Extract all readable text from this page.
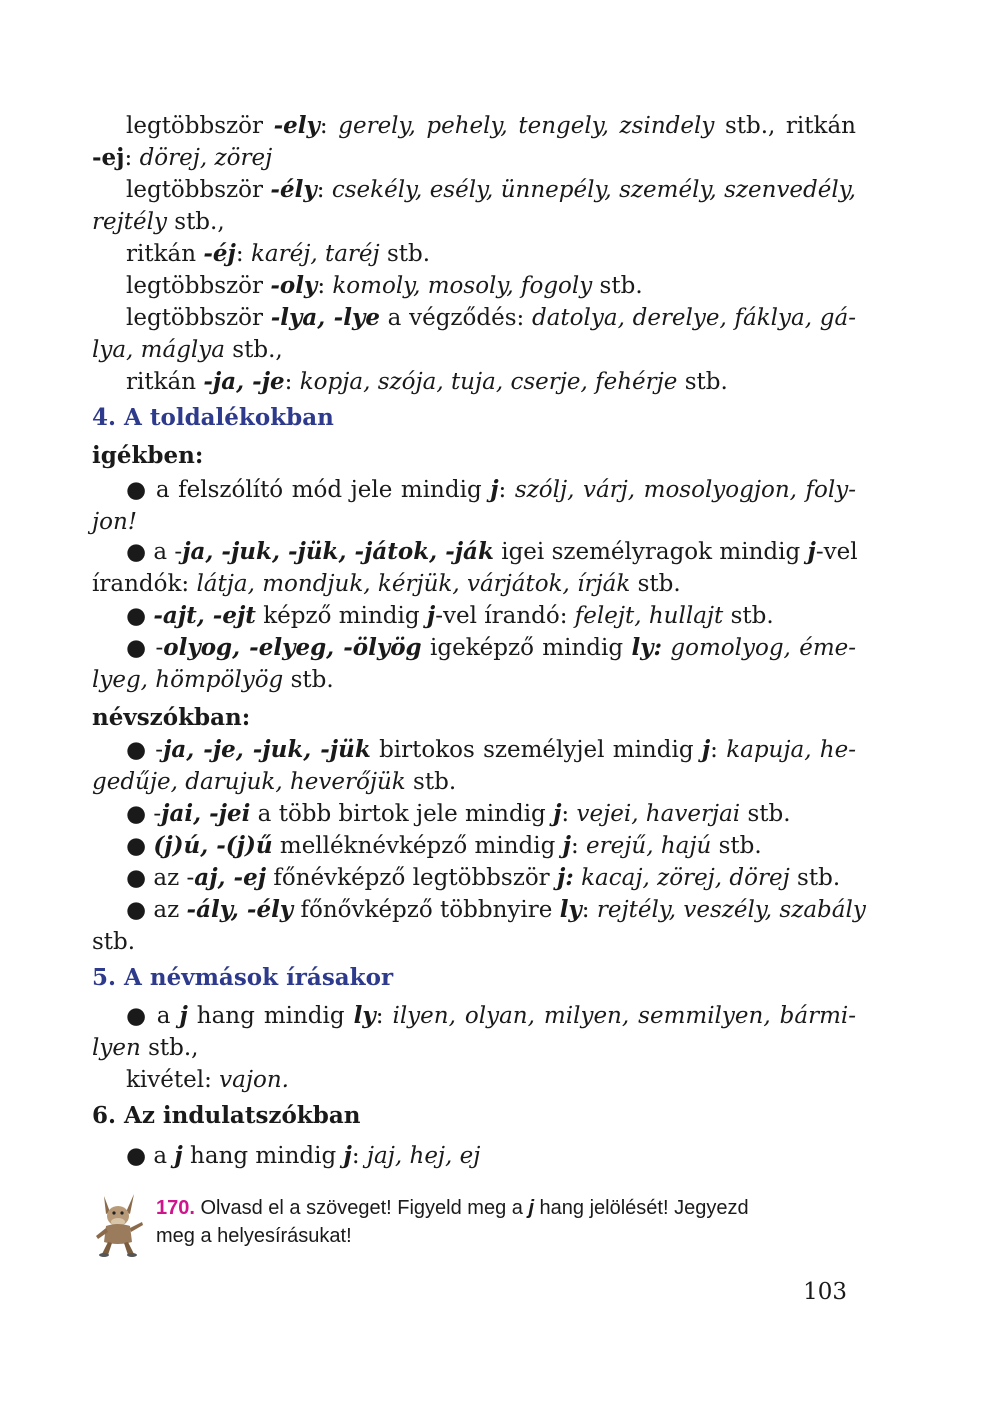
legtöbbször -ely: gerely, pehely, tengely, zsindely stb., ritkán
-ej: dörej, zörej
legtöbbször -ély: csekély, esély, ünnepély, személy, szenvedély,
rejtély stb.,
ritkán -éj: karéj, taréj stb.
legtöbbször -oly: komoly, mosoly, fogoly stb.
legtöbbször -lya, -lye a végződés: datolya, derelye, fáklya, gá-
lya, máglya stb.,
ritkán -ja, -je: kopja, szója, tuja, cserje, fehérje stb.
4. A toldalékokban
igékben:
● a felszólító mód jele mindig j: szólj, várj, mosolyogjon, foly-
jon!
● a -ja, -juk, -jük, -játok, -ják igei személyragok mindig j-vel
írandók: látja, mondjuk, kérjük, várjátok, írják stb.
● -ajt, -ejt képző mindig j-vel írandó: felejt, hullajt stb.
● -olyog, -elyeg, -ölyög igeképző mindig ly: gomolyog, éme-
lyeg, hömpölyög stb.
névszókban:
● -ja, -je, -juk, -jük birtokos személyjel mindig j: kapuja, he-
gedűje, darujuk, heverőjük stb.
● -jai, -jei a több birtok jele mindig j: vejei, haverjai stb.
● (j)ú, -(j)ű melléknévképző mindig j: erejű, hajú stb.
● az -aj, -ej főnévképző legtöbbször j: kacaj, zörej, dörej stb.
● az -ály, -ély főnővképző többnyire ly: rejtély, veszély, szabály
stb.
5. A névmások írásakor
● a j hang mindig ly: ilyen, olyan, milyen, semmilyen, bármi-
lyen stb.,
kivétel: vajon.
6. Az indulatszókban
● a j hang mindig j: jaj, hej, ej
170. Olvasd el a szöveget! Figyeld meg a j hang jelölését! Jegyezd
meg a helyesírásukat!
103
